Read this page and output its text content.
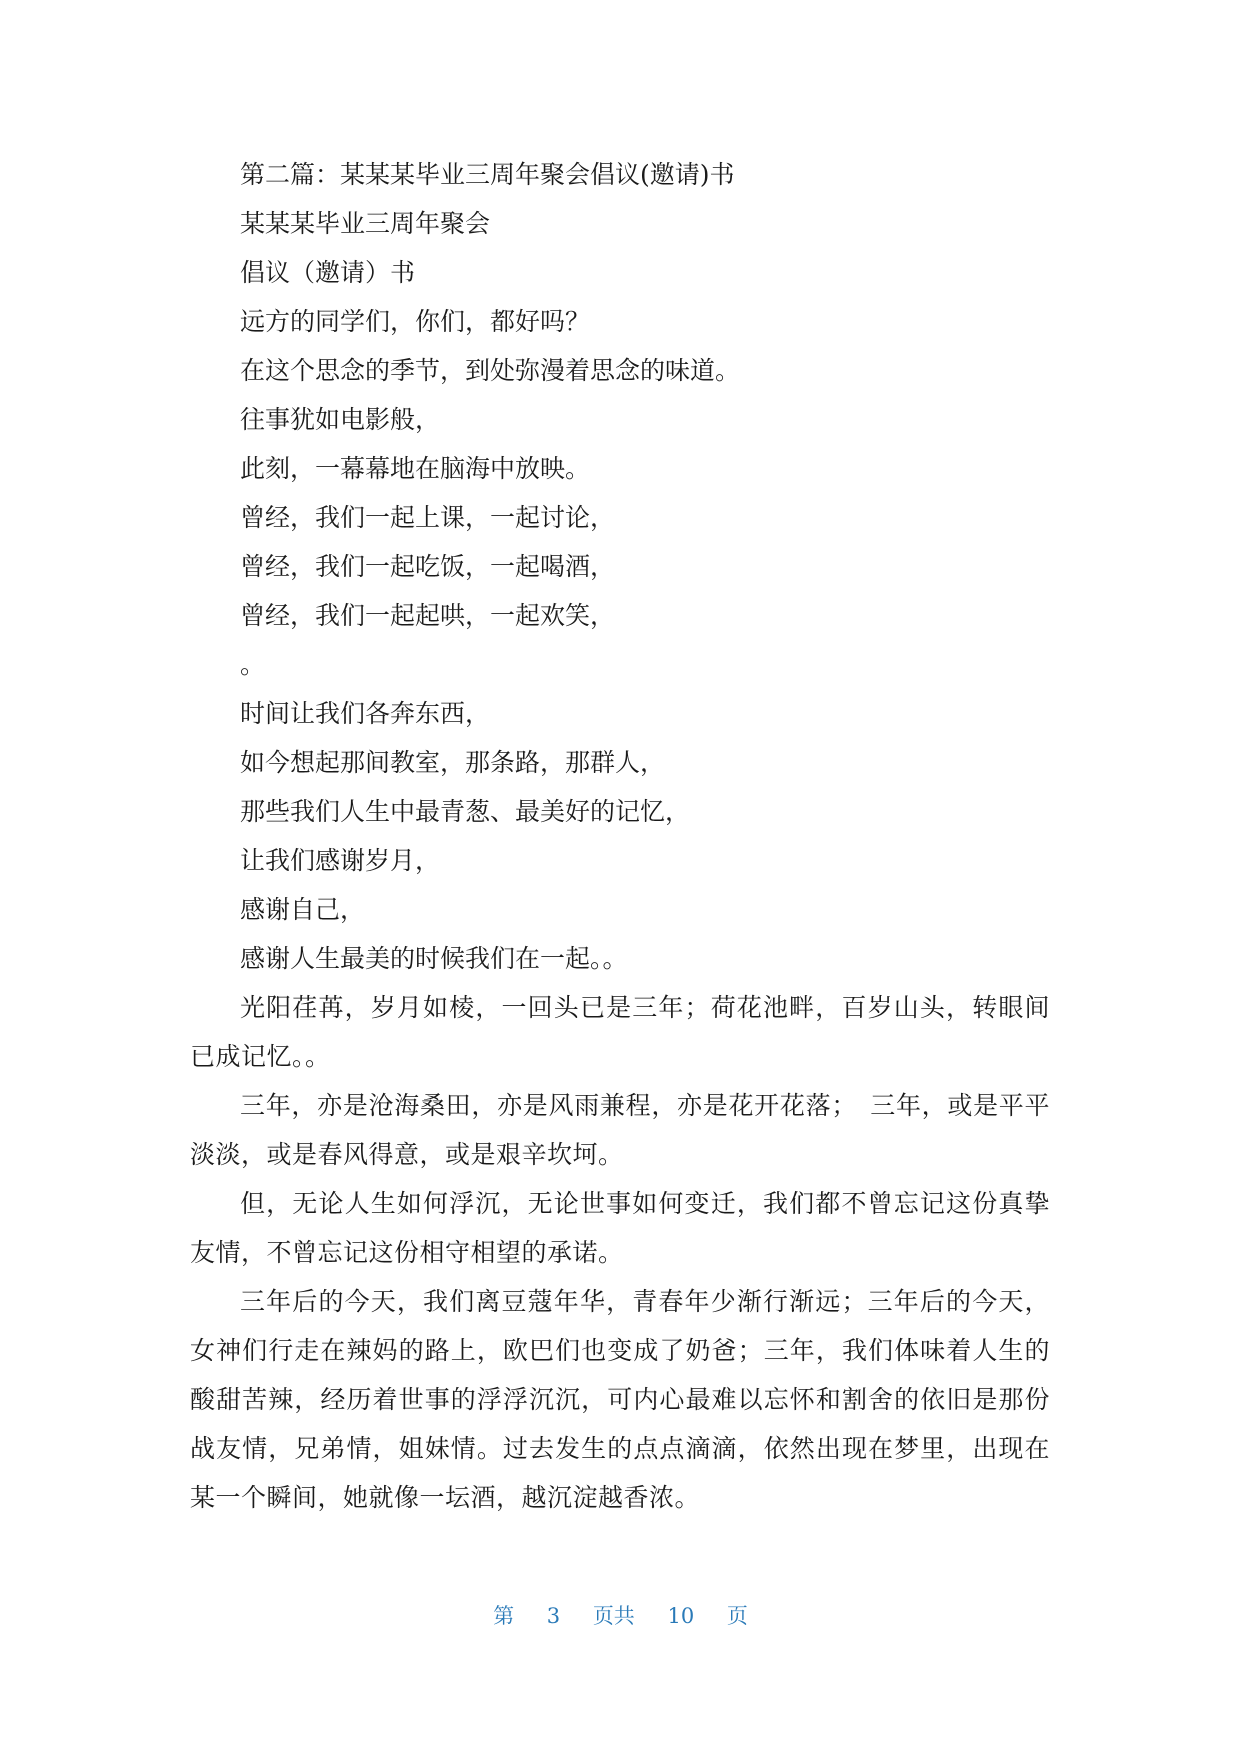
第二篇：某某某毕业三周年聚会倡议(邀请)书
某某某毕业三周年聚会
倡议（邀请）书
远方的同学们，你们，都好吗？
在这个思念的季节，到处弥漫着思念的味道。
往事犹如电影般，
此刻，一幕幕地在脑海中放映。
曾经，我们一起上课，一起讨论，
曾经，我们一起吃饭，一起喝酒，
曾经，我们一起起哄，一起欢笑，
。
时间让我们各奔东西，
如今想起那间教室，那条路，那群人，
那些我们人生中最青葱、最美好的记忆，
让我们感谢岁月，
感谢自己，
感谢人生最美的时候我们在一起。。
光阳荏苒，岁月如棱，一回头已是三年；荷花池畔，百岁山头，转眼间已成记忆。。
三年，亦是沧海桑田，亦是风雨兼程，亦是花开花落；　三年，或是平平淡淡，或是春风得意，或是艰辛坎坷。
但，无论人生如何浮沉，无论世事如何变迁，我们都不曾忘记这份真挚友情，不曾忘记这份相守相望的承诺。
三年后的今天，我们离豆蔻年华，青春年少渐行渐远；三年后的今天，女神们行走在辣妈的路上，欧巴们也变成了奶爸；三年，我们体味着人生的酸甜苦辣，经历着世事的浮浮沉沉，可内心最难以忘怀和割舍的依旧是那份战友情，兄弟情，姐妹情。过去发生的点点滴滴，依然出现在梦里，出现在某一个瞬间，她就像一坛酒，越沉淀越香浓。
第 3 页共 10 页
